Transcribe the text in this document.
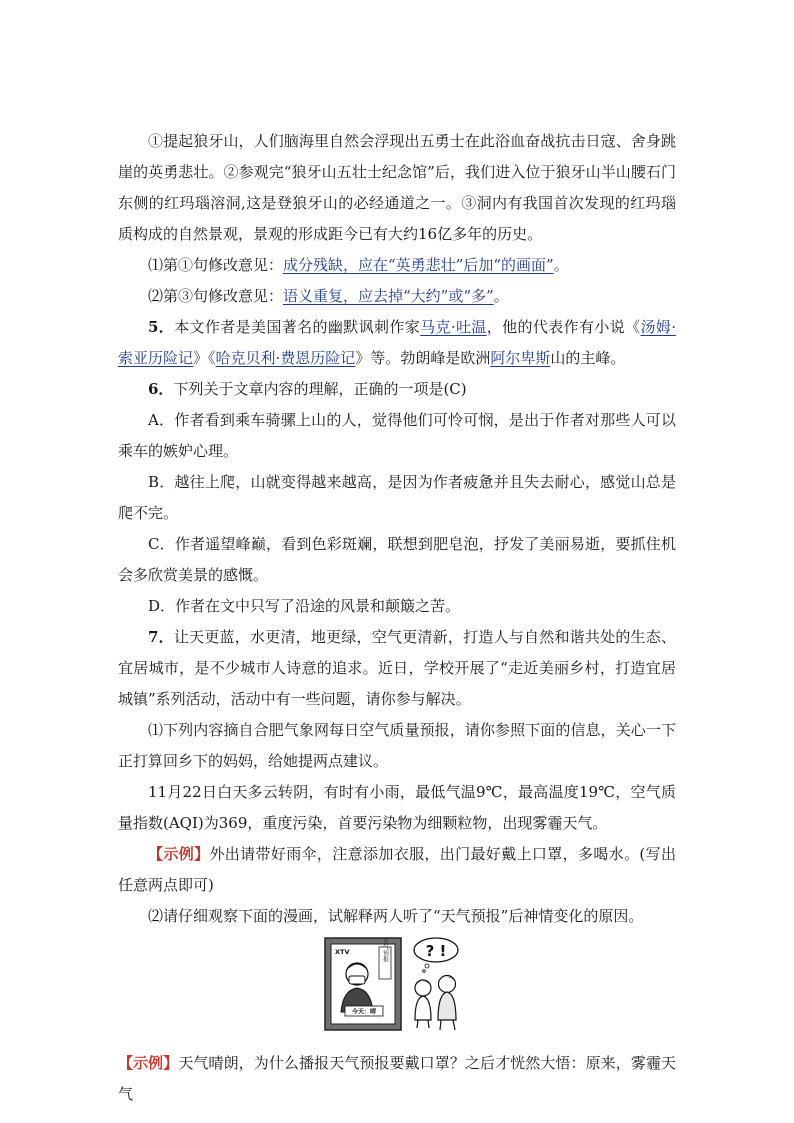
①提起狼牙山，人们脑海里自然会浮现出五勇士在此浴血奋战抗击日寇、舍身跳崖的英勇悲壮。②参观完“狼牙山五壮士纪念馆”后，我们进入位于狼牙山半山腰石门东侧的红玛瑙溶洞,这是登狼牙山的必经通道之一。③洞内有我国首次发现的红玛瑙质构成的自然景观，景观的形成距今已有大约16亿多年的历史。

⑴第①句修改意见：成分残缺，应在“英勇悲壮”后加“的画面”。

⑵第③句修改意见：语义重复，应去掉“大约”或“多”。

5．本文作者是美国著名的幽默讽刺作家马克·吐温，他的代表作有小说《汤姆·索亚历险记》《哈克贝利·费恩历险记》等。勃朗峰是欧洲阿尔卑斯山的主峰。

6．下列关于文章内容的理解，正确的一项是(C)

A．作者看到乘车骑骡上山的人，觉得他们可怜可悯，是出于作者对那些人可以乘车的嫉妒心理。

B．越往上爬，山就变得越来越高，是因为作者疲惫并且失去耐心，感觉山总是爬不完。

C．作者遥望峰巅，看到色彩斑斓，联想到肥皂泡，抒发了美丽易逝，要抓住机会多欣赏美景的感慨。

D．作者在文中只写了沿途的风景和颠簸之苦。

7．让天更蓝，水更清，地更绿，空气更清新，打造人与自然和谐共处的生态、宜居城市，是不少城市人诗意的追求。近日，学校开展了“走近美丽乡村，打造宜居城镇”系列活动，活动中有一些问题，请你参与解决。

⑴下列内容摘自合肥气象网每日空气质量预报，请你参照下面的信息，关心一下正打算回乡下的妈妈，给她提两点建议。

11月22日白天多云转阴，有时有小雨，最低气温9℃，最高温度19℃，空气质量指数(AQI)为369，重度污染，首要污染物为细颗粒物，出现雾霾天气。

【示例】外出请带好雨伞，注意添加衣服，出门最好戴上口罩，多喝水。(写出任意两点即可)

⑵请仔细观察下面的漫画，试解释两人听了“天气预报”后神情变化的原因。

XTV	天气预报
今天：晴
? !

【示例】天气晴朗，为什么播报天气预报要戴口罩？之后才恍然大悟：原来，雾霾天气
